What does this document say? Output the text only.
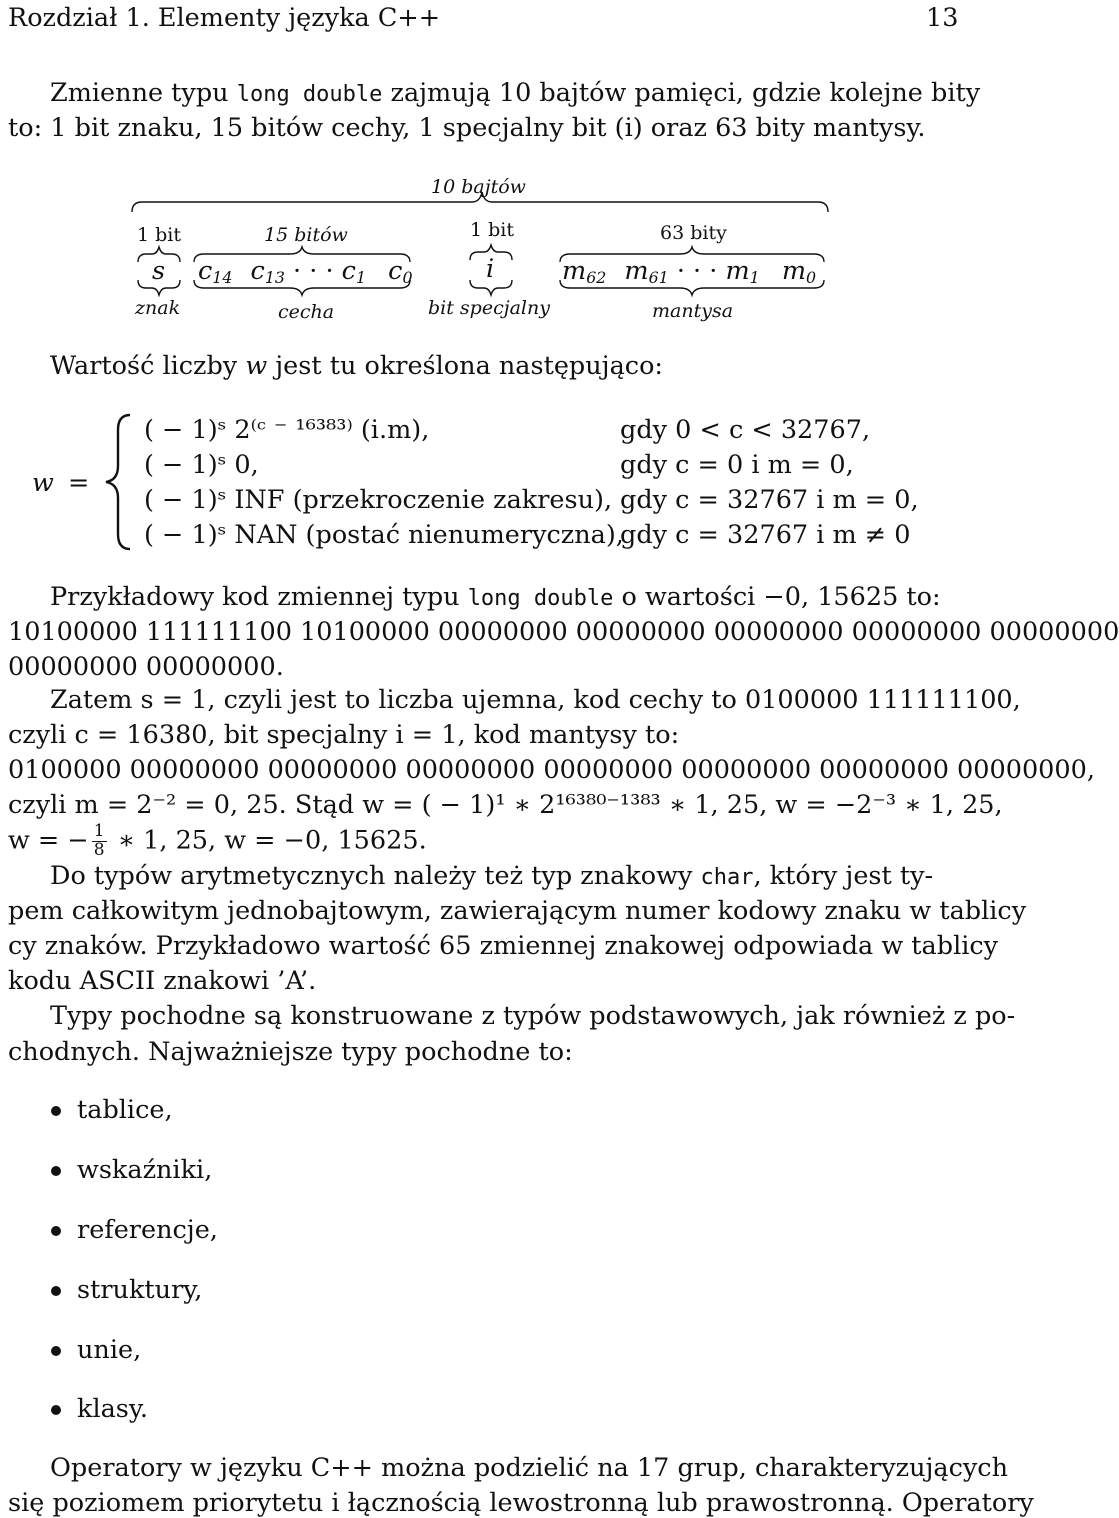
Rozdział 1. Elementy języka C++	13
Zmienne typu long double zajmują 10 bajtów pamięci, gdzie kolejne bity
to: 1 bit znaku, 15 bitów cechy, 1 specjalny bit (i) oraz 63 bity mantysy.
10 bajtów
1 bit	15 bitów	1 bit	63 bity
s $c_{14}$ $c_{13}$ · · · $c_1$ $c_0$	i	$m_{62}$ $m_{61}$ · · · $m_1$ $m_0$
znak	cecha	bit specjalny	mantysa
Wartość liczby w jest tu określona następująco:
w =
( − 1)ˢ 2⁽ᶜ ⁻ ¹⁶³⁸³⁾ (i.m),	gdy 0 < c < 32767,
( − 1)ˢ 0,	gdy c = 0 i m = 0,
( − 1)ˢ INF (przekroczenie zakresu), gdy c = 32767 i m = 0,
( − 1)ˢ NAN (postać nienumeryczna),
gdy c = 32767 i m ≠ 0
Przykładowy kod zmiennej typu long double o wartości −0, 15625 to:
10100000 111111100 10100000 00000000 00000000 00000000 00000000 00000000
00000000 00000000.
Zatem s = 1, czyli jest to liczba ujemna, kod cechy to 0100000 111111100,
czyli c = 16380, bit specjalny i = 1, kod mantysy to:
0100000 00000000 00000000 00000000 00000000 00000000 00000000 00000000,
czyli m = 2⁻² = 0, 25. Stąd w = ( − 1)¹ ∗ 2¹⁶³⁸⁰⁻¹³⁸³ ∗ 1, 25, w = −2⁻³ ∗ 1, 25,
w = − $\frac{1}{8}$ ∗ 1, 25, w = −0, 15625.
Do typów arytmetycznych należy też typ znakowy char, który jest ty-
pem całkowitym jednobajtowym, zawierającym numer kodowy znaku w tablicy
cy znaków. Przykładowo wartość 65 zmiennej znakowej odpowiada w tablicy
kodu ASCII znakowi ’A’.
Typy pochodne są konstruowane z typów podstawowych, jak również z po-
chodnych. Najważniejsze typy pochodne to:
tablice,
wskaźniki,
referencje,
struktury,
unie,
klasy.
Operatory w języku C++ można podzielić na 17 grup, charakteryzujących
się poziomem priorytetu i łącznością lewostronną lub prawostronną. Operatory
